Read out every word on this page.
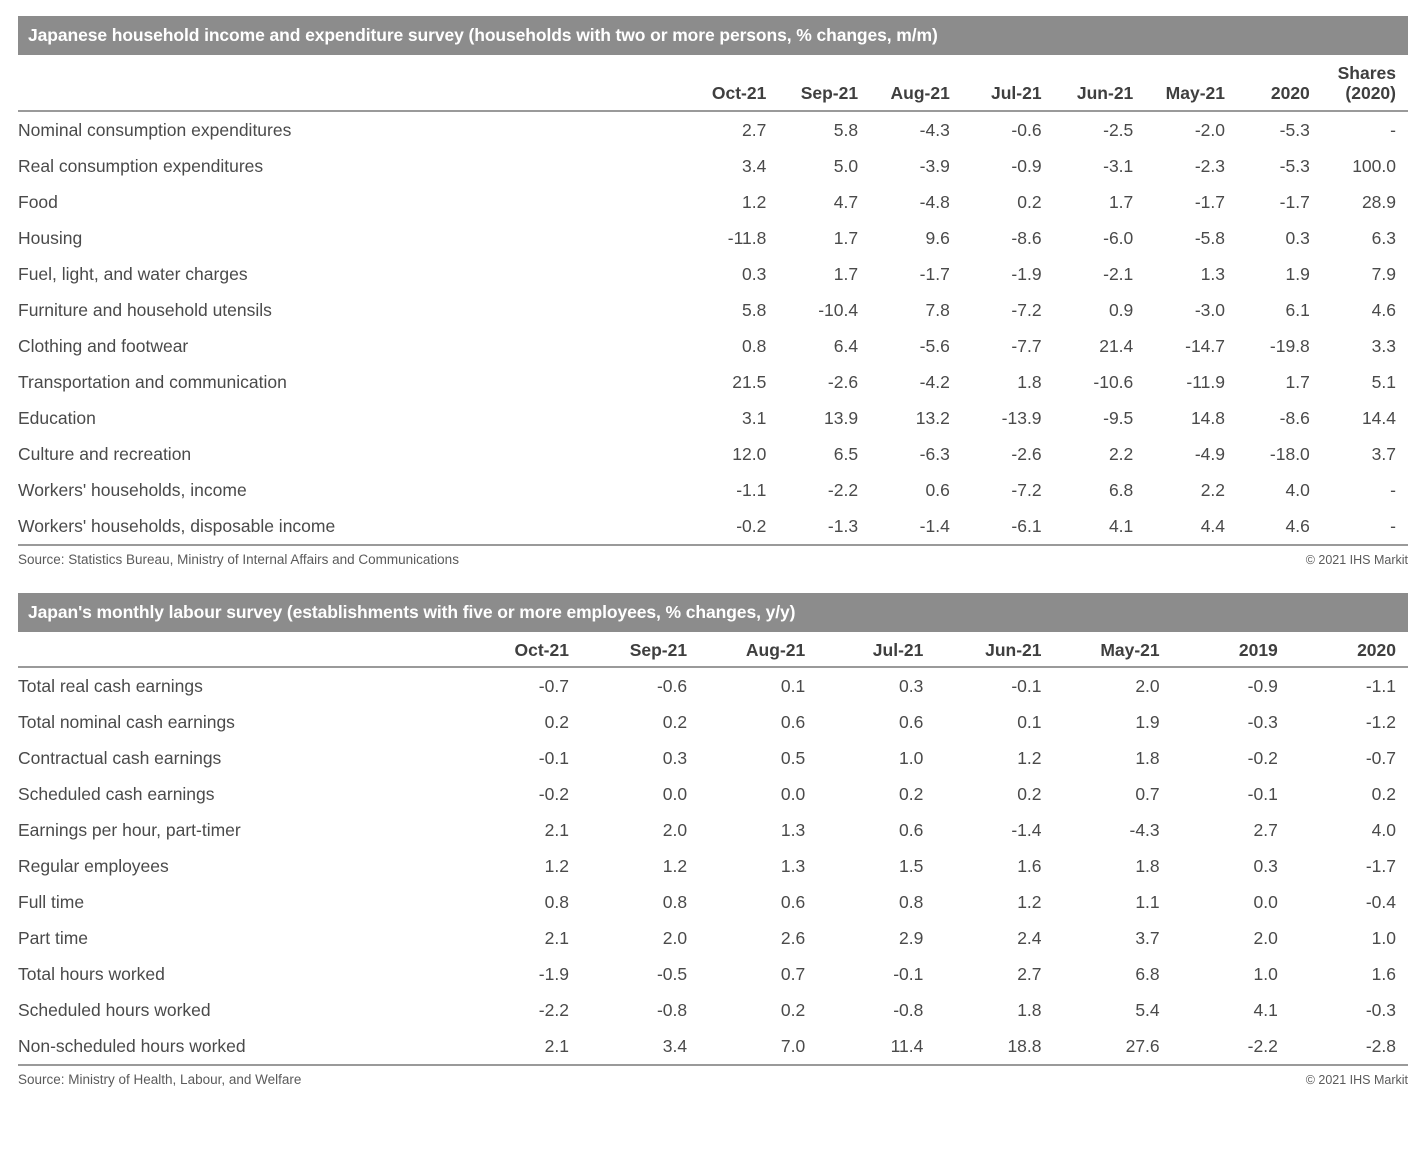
Japanese household income and expenditure survey (households with two or more persons, % changes, m/m)
	Oct-21	Sep-21	Aug-21	Jul-21	Jun-21	May-21	2020	Shares (2020)
Nominal consumption expenditures	2.7	5.8	-4.3	-0.6	-2.5	-2.0	-5.3	-
Real consumption expenditures	3.4	5.0	-3.9	-0.9	-3.1	-2.3	-5.3	100.0
Food	1.2	4.7	-4.8	0.2	1.7	-1.7	-1.7	28.9
Housing	-11.8	1.7	9.6	-8.6	-6.0	-5.8	0.3	6.3
Fuel, light, and water charges	0.3	1.7	-1.7	-1.9	-2.1	1.3	1.9	7.9
Furniture and household utensils	5.8	-10.4	7.8	-7.2	0.9	-3.0	6.1	4.6
Clothing and footwear	0.8	6.4	-5.6	-7.7	21.4	-14.7	-19.8	3.3
Transportation and communication	21.5	-2.6	-4.2	1.8	-10.6	-11.9	1.7	5.1
Education	3.1	13.9	13.2	-13.9	-9.5	14.8	-8.6	14.4
Culture and recreation	12.0	6.5	-6.3	-2.6	2.2	-4.9	-18.0	3.7
Workers' households, income	-1.1	-2.2	0.6	-7.2	6.8	2.2	4.0	-
Workers' households, disposable income	-0.2	-1.3	-1.4	-6.1	4.1	4.4	4.6	-
Source: Statistics Bureau, Ministry of Internal Affairs and Communications	© 2021 IHS Markit
Japan's monthly labour survey (establishments with five or more employees, % changes, y/y)
	Oct-21	Sep-21	Aug-21	Jul-21	Jun-21	May-21	2019	2020
Total real cash earnings	-0.7	-0.6	0.1	0.3	-0.1	2.0	-0.9	-1.1
Total nominal cash earnings	0.2	0.2	0.6	0.6	0.1	1.9	-0.3	-1.2
Contractual cash earnings	-0.1	0.3	0.5	1.0	1.2	1.8	-0.2	-0.7
Scheduled cash earnings	-0.2	0.0	0.0	0.2	0.2	0.7	-0.1	0.2
Earnings per hour, part-timer	2.1	2.0	1.3	0.6	-1.4	-4.3	2.7	4.0
Regular employees	1.2	1.2	1.3	1.5	1.6	1.8	0.3	-1.7
Full time	0.8	0.8	0.6	0.8	1.2	1.1	0.0	-0.4
Part time	2.1	2.0	2.6	2.9	2.4	3.7	2.0	1.0
Total hours worked	-1.9	-0.5	0.7	-0.1	2.7	6.8	1.0	1.6
Scheduled hours worked	-2.2	-0.8	0.2	-0.8	1.8	5.4	4.1	-0.3
Non-scheduled hours worked	2.1	3.4	7.0	11.4	18.8	27.6	-2.2	-2.8
Source: Ministry of Health, Labour, and Welfare	© 2021 IHS Markit
